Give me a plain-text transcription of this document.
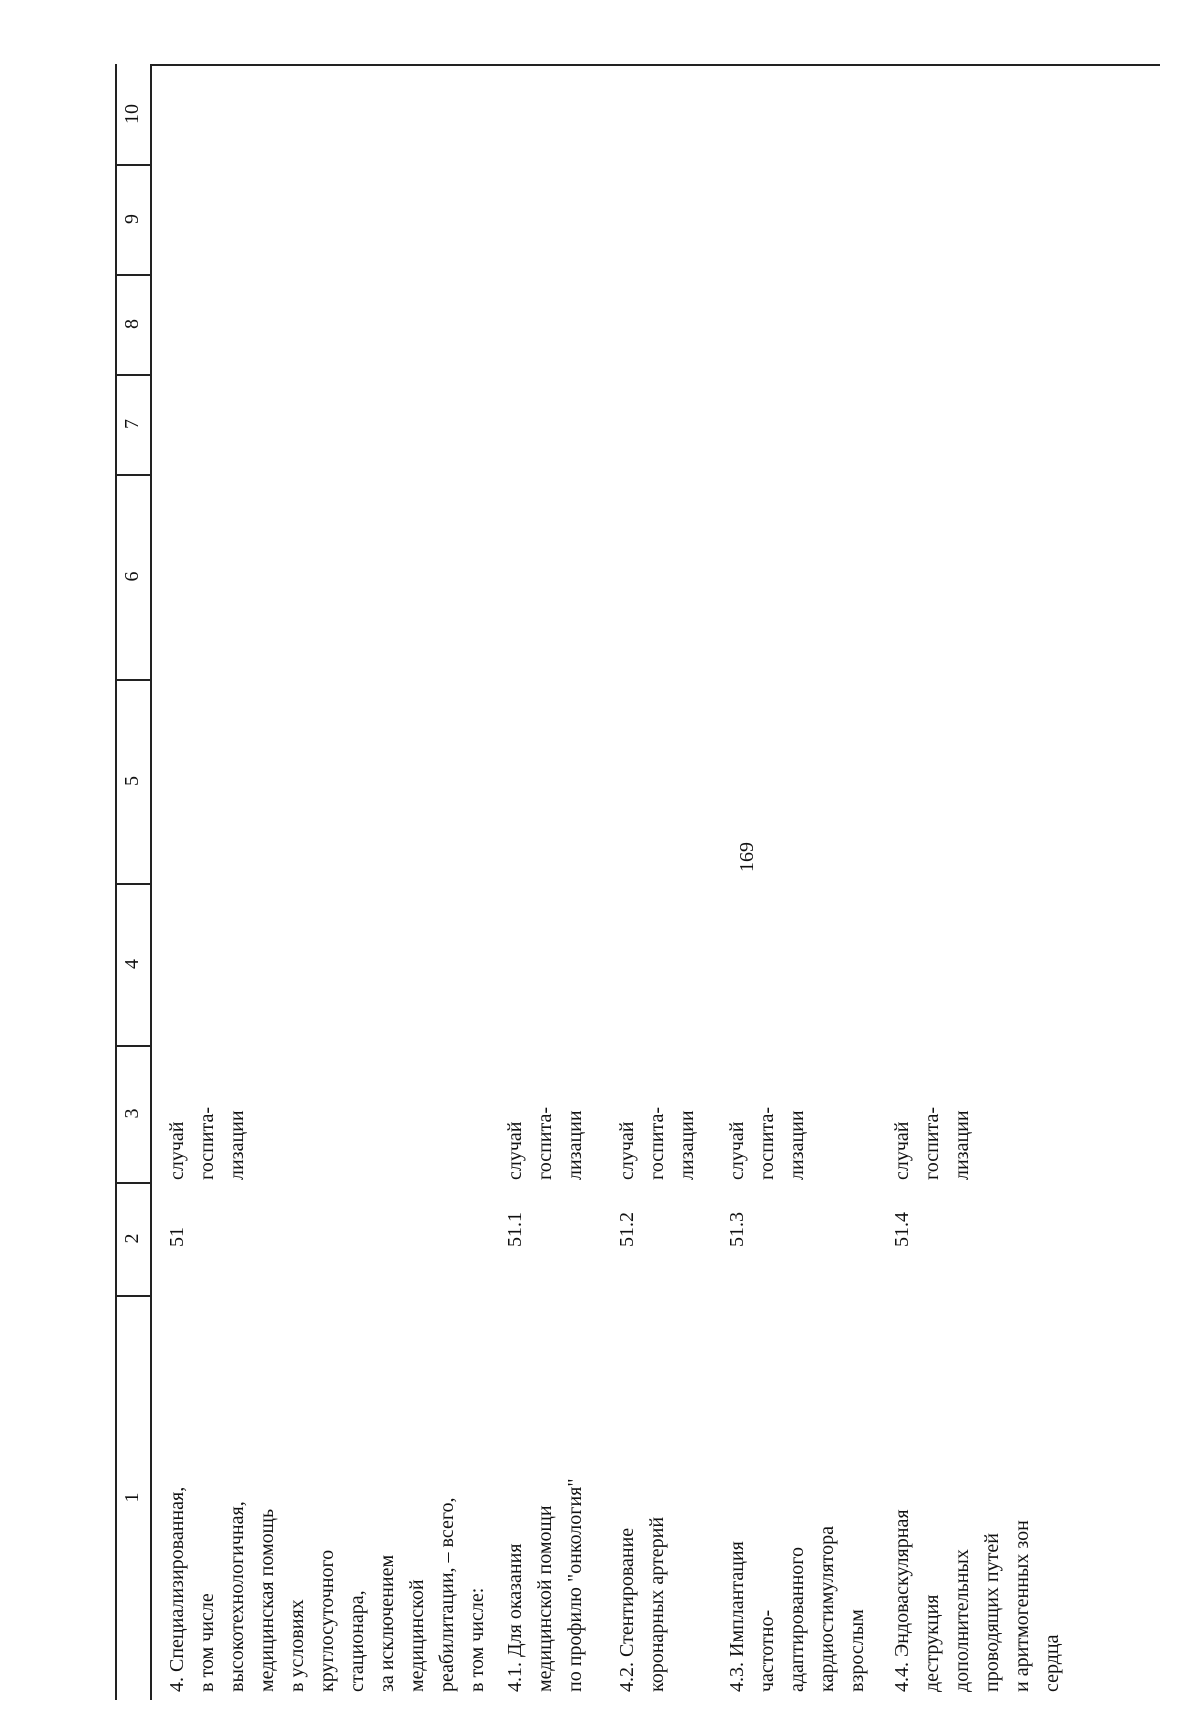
169
1
2
3
4
5
6
7
8
9
10
4. Специализированная,
в том числе
высокотехнологичная,
медицинская помощь
в условиях
круглосуточного
стационара,
за исключением
медицинской
реабилитации, – всего,
в том числе:
51
случай
госпита-
лизации
4.1. Для оказания
медицинской помощи
по профилю "онкология"
51.1
случай
госпита-
лизации
4.2. Стентирование
коронарных артерий
51.2
случай
госпита-
лизации
4.3. Имплантация
частотно-
адаптированного
кардиостимулятора
взрослым
51.3
случай
госпита-
лизации
4.4. Эндоваскулярная
деструкция
дополнительных
проводящих путей
и аритмогенных зон
сердца
51.4
случай
госпита-
лизации
